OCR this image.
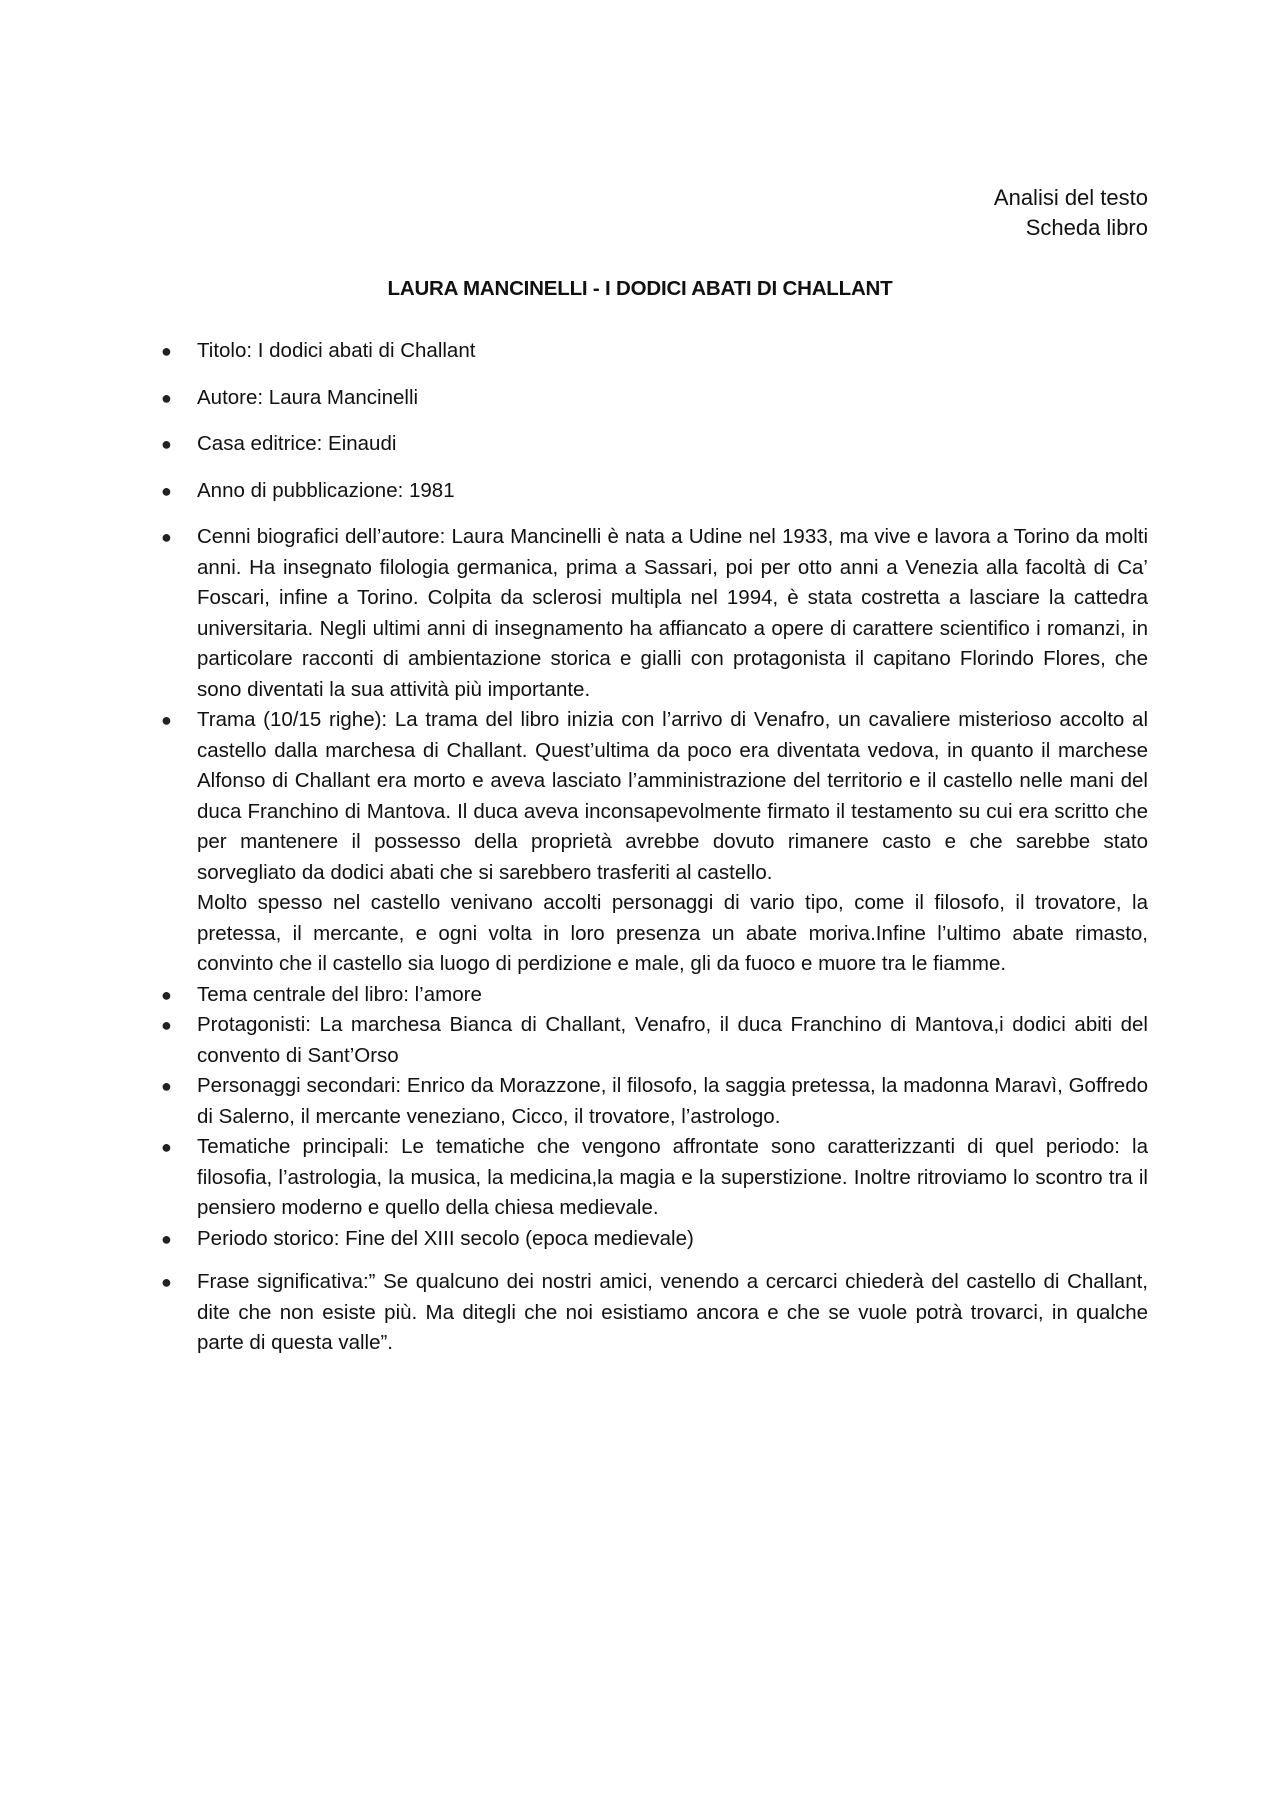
Analisi del testo
Scheda libro
LAURA MANCINELLI - I DODICI ABATI DI CHALLANT
● Titolo: I dodici abati di Challant

● Autore: Laura Mancinelli

● Casa editrice: Einaudi

● Anno di pubblicazione: 1981

● Cenni biografici dell’autore: Laura Mancinelli è nata a Udine nel 1933, ma vive e lavora a Torino da molti anni. Ha insegnato filologia germanica, prima a Sassari, poi per otto anni a Venezia alla facoltà di Ca’ Foscari, infine a Torino. Colpita da sclerosi multipla nel 1994, è stata costretta a lasciare la cattedra universitaria. Negli ultimi anni di insegnamento ha affiancato a opere di carattere scientifico i romanzi, in particolare racconti di ambientazione storica e gialli con protagonista il capitano Florindo Flores, che sono diventati la sua attività più importante.

● Trama (10/15 righe): La trama del libro inizia con l’arrivo di Venafro, un cavaliere misterioso accolto al castello dalla marchesa di Challant. Quest’ultima da poco era diventata vedova, in quanto il marchese Alfonso di Challant era morto e aveva lasciato l’amministrazione del territorio e il castello nelle mani del duca Franchino di Mantova. Il duca aveva inconsapevolmente firmato il testamento su cui era scritto che per mantenere il possesso della proprietà avrebbe dovuto rimanere casto e che sarebbe stato sorvegliato da dodici abati che si sarebbero trasferiti al castello.

Molto spesso nel castello venivano accolti personaggi di vario tipo, come il filosofo, il trovatore, la pretessa, il mercante, e ogni volta in loro presenza un abate moriva.Infine l’ultimo abate rimasto, convinto che il castello sia luogo di perdizione e male, gli da fuoco e muore tra le fiamme.

● Tema centrale del libro: l’amore

● Protagonisti: La marchesa Bianca di Challant, Venafro, il duca Franchino di Mantova,i dodici abiti del convento di Sant’Orso

● Personaggi secondari: Enrico da Morazzone, il filosofo, la saggia pretessa, la madonna Maravì, Goffredo di Salerno, il mercante veneziano, Cicco, il trovatore, l’astrologo.

● Tematiche principali: Le tematiche che vengono affrontate sono caratterizzanti di quel periodo: la filosofia, l’astrologia, la musica, la medicina,la magia e la superstizione. Inoltre ritroviamo lo scontro tra il pensiero moderno e quello della chiesa medievale.

● Periodo storico: Fine del XIII secolo (epoca medievale)

● Frase significativa:” Se qualcuno dei nostri amici, venendo a cercarci chiederà del castello di Challant, dite che non esiste più. Ma ditegli che noi esistiamo ancora e che se vuole potrà trovarci, in qualche parte di questa valle”.
